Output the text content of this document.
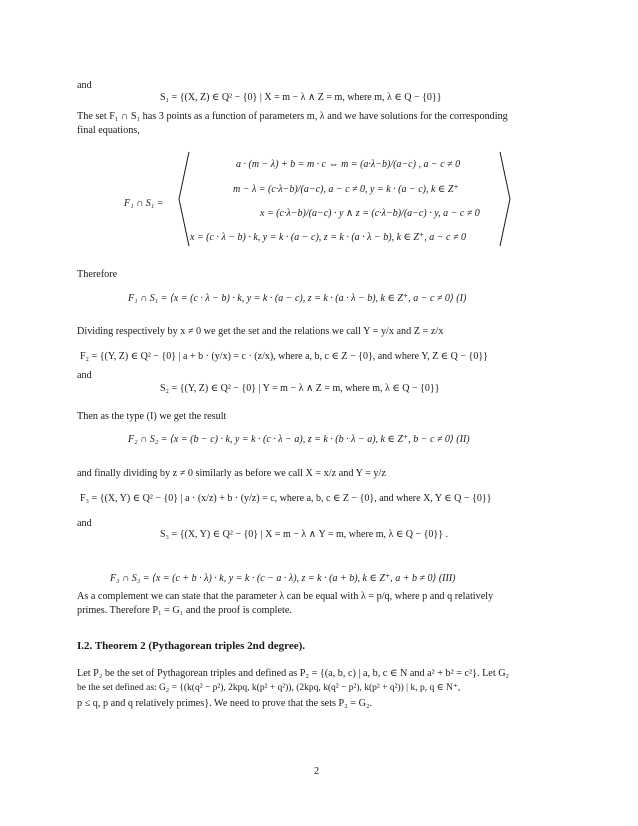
and
S₁ = {(X, Z) ∈ Q² − {0} | X = m − λ ∧ Z = m, where m, λ ∈ Q − {0}}
The set F₁ ∩ S₁ has 3 points as a function of parameters m, λ and we have solutions for the corresponding
final equations,
F₁ ∩ S₁ =
a · (m − λ) + b = m · c ⇔ m = (a·λ−b)/(a−c) , a − c ≠ 0
m − λ = (c·λ−b)/(a−c), a − c ≠ 0, y = k · (a − c), k ∈ Z⁺
x = (c·λ−b)/(a−c) · y ∧ z = (c·λ−b)/(a−c) · y, a − c ≠ 0
x = (c · λ − b) · k, y = k · (a − c), z = k · (a · λ − b), k ∈ Z⁺, a − c ≠ 0
Therefore
F₁ ∩ S₁ = ⟨x = (c · λ − b) · k, y = k · (a − c), z = k · (a · λ − b), k ∈ Z⁺, a − c ≠ 0⟩ (I)
Dividing respectively by x ≠ 0 we get the set and the relations we call Y = y/x and Z = z/x
F₂ = {(Y, Z) ∈ Q² − {0} | a + b · (y/x) = c · (z/x), where a, b, c ∈ Z − {0}, and where Y, Z ∈ Q − {0}}
and
S₂ = {(Y, Z) ∈ Q² − {0} | Y = m − λ ∧ Z = m, where m, λ ∈ Q − {0}}
Then as the type (I) we get the result
F₂ ∩ S₂ = ⟨x = (b − c) · k, y = k · (c · λ − a), z = k · (b · λ − a), k ∈ Z⁺, b − c ≠ 0⟩ (II)
and finally dividing by z ≠ 0 similarly as before we call X = x/z and Y = y/z
F₃ = {(X, Y) ∈ Q² − {0} | a · (x/z) + b · (y/z) = c, where a, b, c ∈ Z − {0}, and where X, Y ∈ Q − {0}}
and
S₃ = {(X, Y) ∈ Q² − {0} | X = m − λ ∧ Y = m, where m, λ ∈ Q − {0}} .
F₃ ∩ S₃ = ⟨x = (c + b · λ) · k, y = k · (c − a · λ), z = k · (a + b), k ∈ Z⁺, a + b ≠ 0⟩ (III)
As a complement we can state that the parameter λ can be equal with λ = p/q, where p and q relatively
primes. Therefore P₁ = G₁ and the proof is complete.
I.2. Theorem 2 (Pythagorean triples 2nd degree).
Let P₂ be the set of Pythagorean triples and defined as P₂ = {(a, b, c) | a, b, c ∈ N and a² + b² = c²}. Let G₂
be the set defined as: G₂ = {(k(q² − p²), 2kpq, k(p² + q²)), (2kpq, k(q² − p²), k(p² + q²)) | k, p, q ∈ N⁺,
p ≤ q, p and q relatively primes}. We need to prove that the sets P₂ = G₂.
2
